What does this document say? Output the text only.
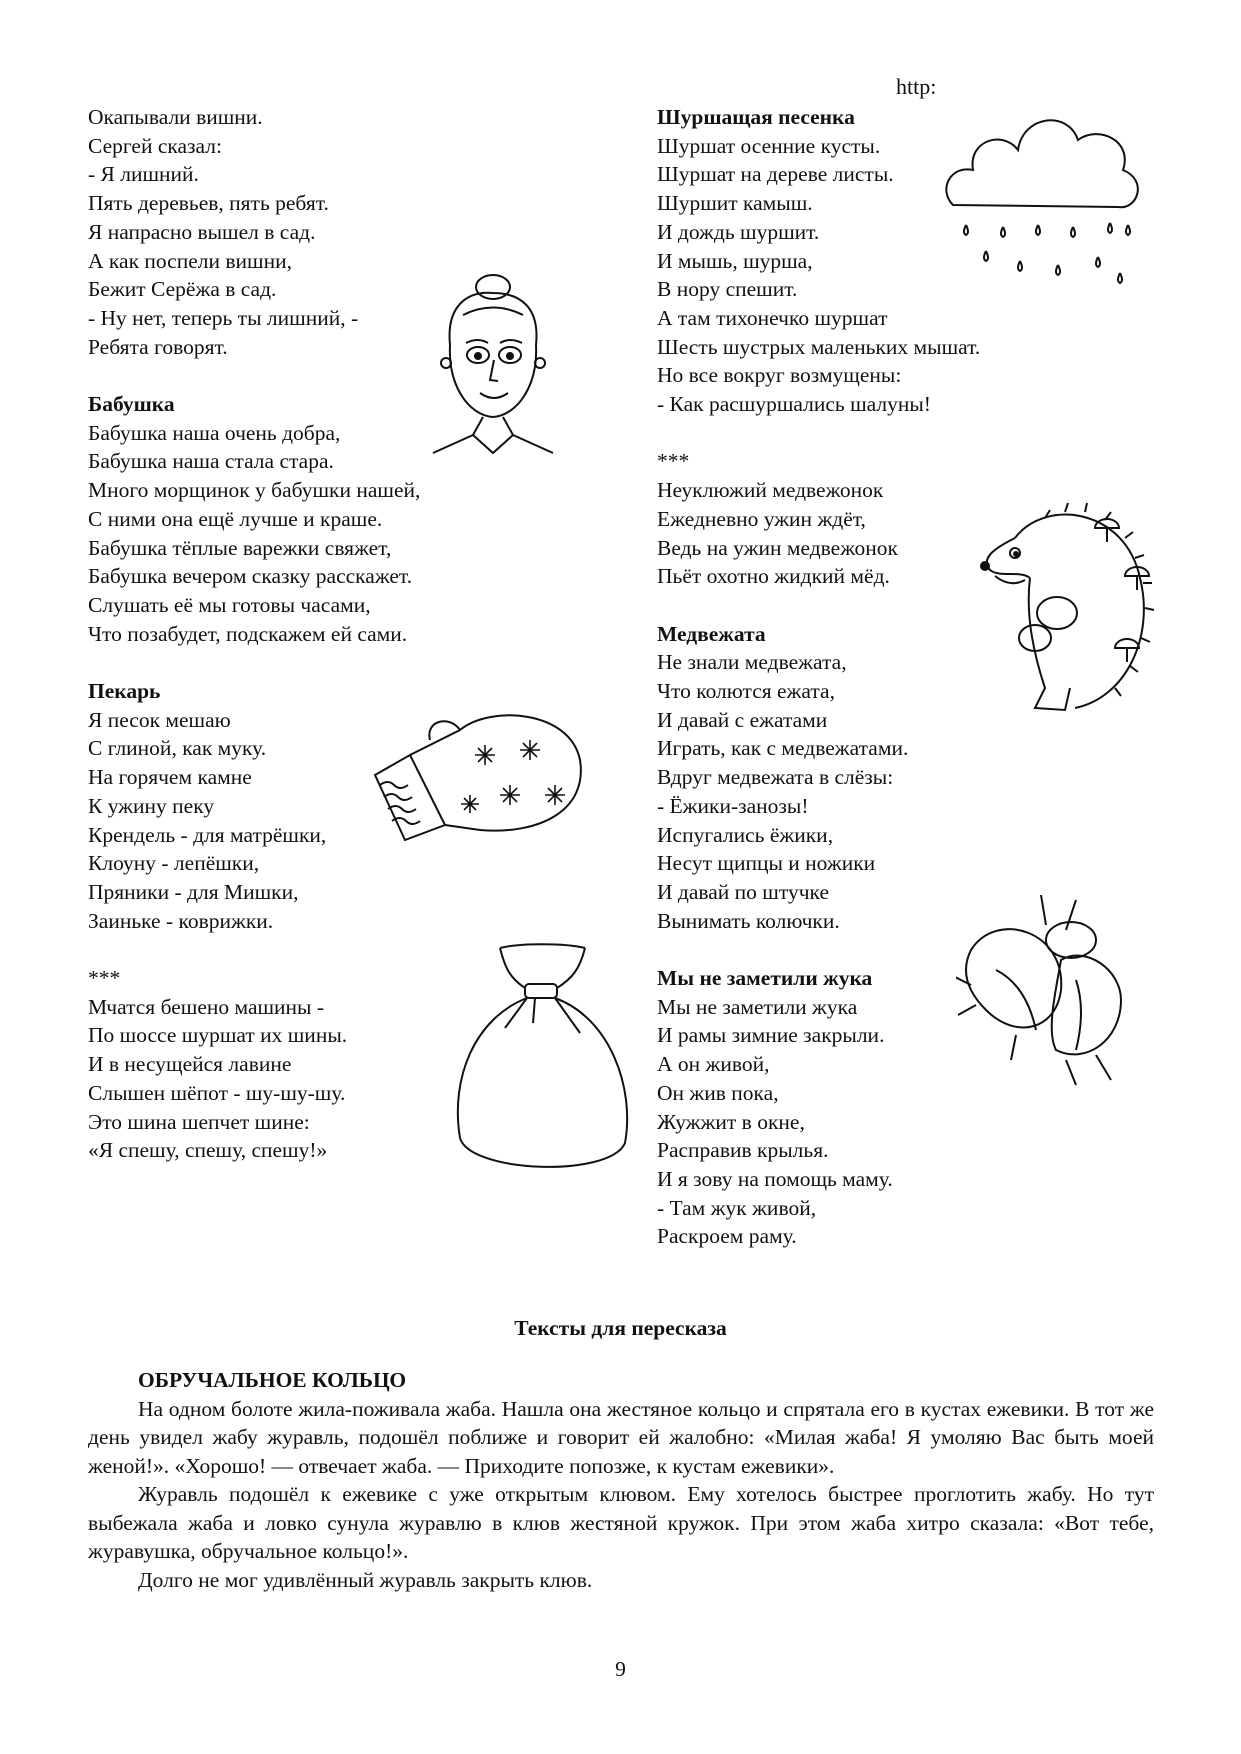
http:
Окапывали вишни.
Сергей сказал:
- Я лишний.
Пять деревьев, пять ребят.
Я напрасно вышел в сад.
А как поспели вишни,
Бежит Серёжа в сад.
- Ну нет, теперь ты лишний, -
Ребята говорят.
Бабушка
Бабушка наша очень добра,
Бабушка наша стала стара.
Много морщинок у бабушки нашей,
С ними она ещё лучше и краше.
Бабушка тёплые варежки свяжет,
Бабушка вечером сказку расскажет.
Слушать её мы готовы часами,
Что позабудет, подскажем ей сами.
Пекарь
Я песок мешаю
С глиной, как муку.
На горячем камне
К ужину пеку
Крендель - для матрёшки,
Клоуну - лепёшки,
Пряники - для Мишки,
Заиньке - коврижки.
***
Мчатся бешено машины -
По шоссе шуршат их шины.
И в несущейся лавине
Слышен шёпот - шу-шу-шу.
Это шина шепчет шине:
«Я спешу, спешу, спешу!»
Шуршащая песенка
Шуршат осенние кусты.
Шуршат на дереве листы.
Шуршит камыш.
И дождь шуршит.
И мышь, шурша,
В нору спешит.
А там тихонечко шуршат
Шесть шустрых маленьких мышат.
Но все вокруг возмущены:
- Как расшуршались шалуны!
***
Неуклюжий медвежонок
Ежедневно ужин ждёт,
Ведь на ужин медвежонок
Пьёт охотно жидкий мёд.
Медвежата
Не знали медвежата,
Что колются ежата,
И давай с ежатами
Играть, как с медвежатами.
Вдруг медвежата в слёзы:
- Ёжики-занозы!
Испугались ёжики,
Несут щипцы и ножики
И давай по штучке
Вынимать колючки.
Мы не заметили жука
Мы не заметили жука
И рамы зимние закрыли.
А он живой,
Он жив пока,
Жужжит в окне,
Расправив крылья.
И я зову на помощь маму.
- Там жук живой,
Раскроем раму.
Тексты для пересказа
ОБРУЧАЛЬНОЕ КОЛЬЦО

На одном болоте жила-поживала жаба. Нашла она жестяное кольцо и спрятала его в кустах ежевики. В тот же день увидел жабу журавль, подошёл поближе и говорит ей жалобно: «Милая жаба! Я умоляю Вас быть моей женой!». «Хорошо! — отвечает жаба. — Приходите попозже, к кустам ежевики».

Журавль подошёл к ежевике с уже открытым клювом. Ему хотелось быстрее проглотить жабу. Но тут выбежала жаба и ловко сунула журавлю в клюв жестяной кружок. При этом жаба хитро сказала: «Вот тебе, журавушка, обручальное кольцо!».

Долго не мог удивлённый журавль закрыть клюв.

9
